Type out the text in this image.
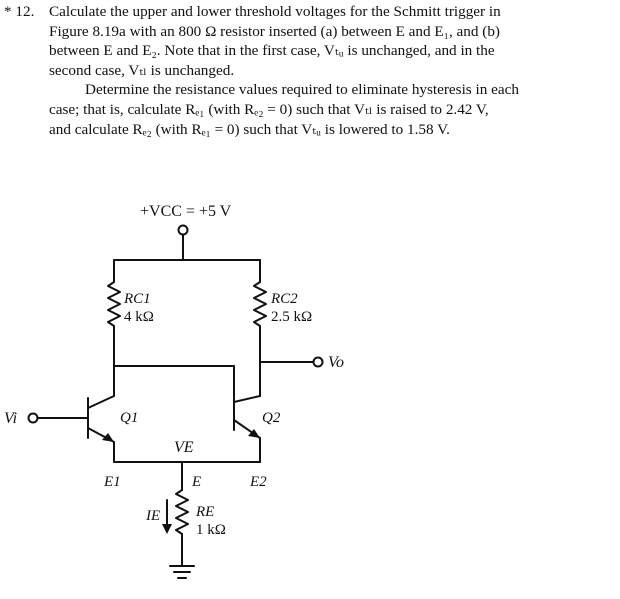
* 12. Calculate the upper and lower threshold voltages for the Schmitt trigger in
Figure 8.19a with an 800 Ω resistor inserted (a) between E and E₁, and (b)
between E and E₂. Note that in the first case, Vₜᵤ is unchanged, and in the
second case, Vₜₗ is unchanged.
Determine the resistance values required to eliminate hysteresis in each
case; that is, calculate Rₑ₁ (with Rₑ₂ = 0) such that Vₜₗ is raised to 2.42 V,
and calculate Rₑ₂ (with Rₑ₁ = 0) such that Vₜᵤ is lowered to 1.58 V.
+VCC = +5 V
RC1
4 kΩ
RC2
2.5 kΩ
Vo
Vi	Q1	Q2
VE
E1	E	E2
IE RE
1 kΩ
